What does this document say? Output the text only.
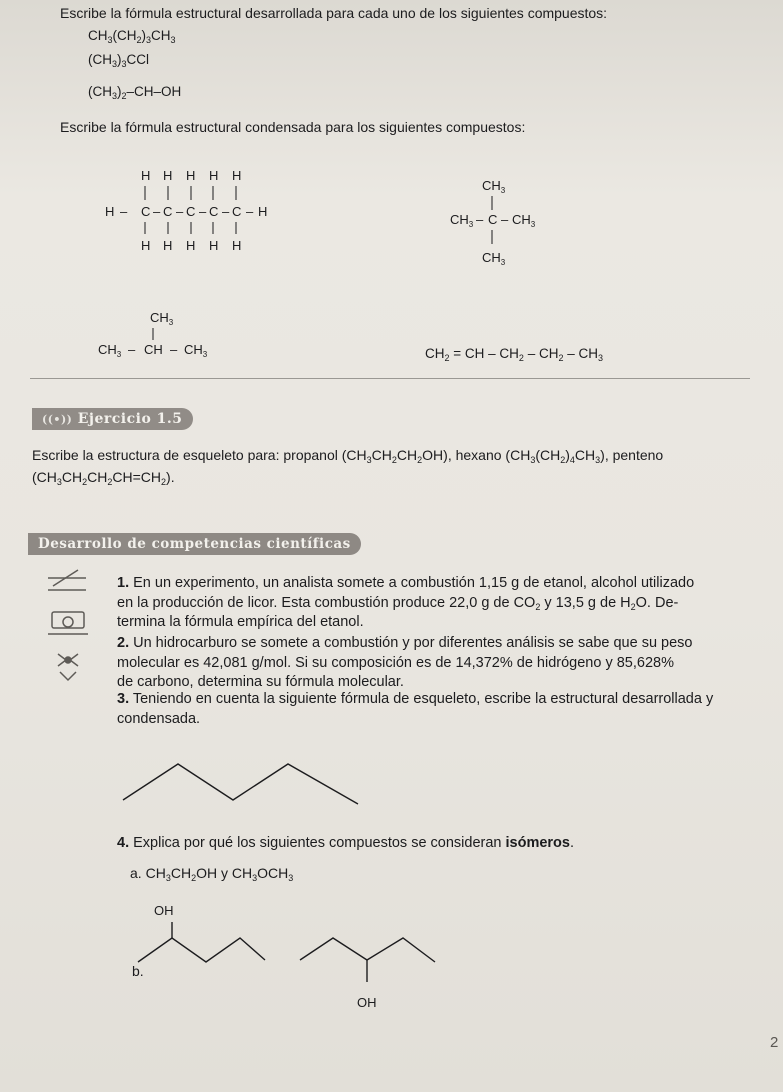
Escribe la fórmula estructural desarrollada para cada uno de los siguientes compuestos:
$CH_3(CH_2)_3CH_3$
$(CH_3)_3CCl$
$(CH_3)_2-CH-OH$
Escribe la fórmula estructural condensada para los siguientes compuestos:
H H H H H
H – C – C – C – C – C – H
H H H H H
$CH_3$
$CH_3$ – C – $CH_3$
$CH_3$
$CH_3$
$CH_3$ – CH – $CH_3$	$CH_2$ = CH – $CH_2 - CH_2 - CH_3$
((•)) Ejercicio 1.5
Escribe la estructura de esqueleto para: propanol $(CH_3CH_2CH_2OH)$, hexano $(CH_3(CH_2)_4CH_3)$, penteno
$(CH_3CH_2CH_2CH=CH_2)$.
Desarrollo de competencias científicas
1. En un experimento, un analista somete a combustión 1,15 g de etanol, alcohol utilizado
en la producción de licor. Esta combustión produce 22,0 g de $CO_2$ y 13,5 g de $H_2O$. De-
termina la fórmula empírica del etanol.
2. Un hidrocarburo se somete a combustión y por diferentes análisis se sabe que su peso
molecular es 42,081 g/mol. Si su composición es de 14,372% de hidrógeno y 85,628%
de carbono, determina su fórmula molecular.
3. Teniendo en cuenta la siguiente fórmula de esqueleto, escribe la estructural desarrollada y
condensada.
4. Explica por qué los siguientes compuestos se consideran isómeros.
a. $CH_3CH_2OH$ y $CH_3OCH_3$
b.
OH
OH
2
